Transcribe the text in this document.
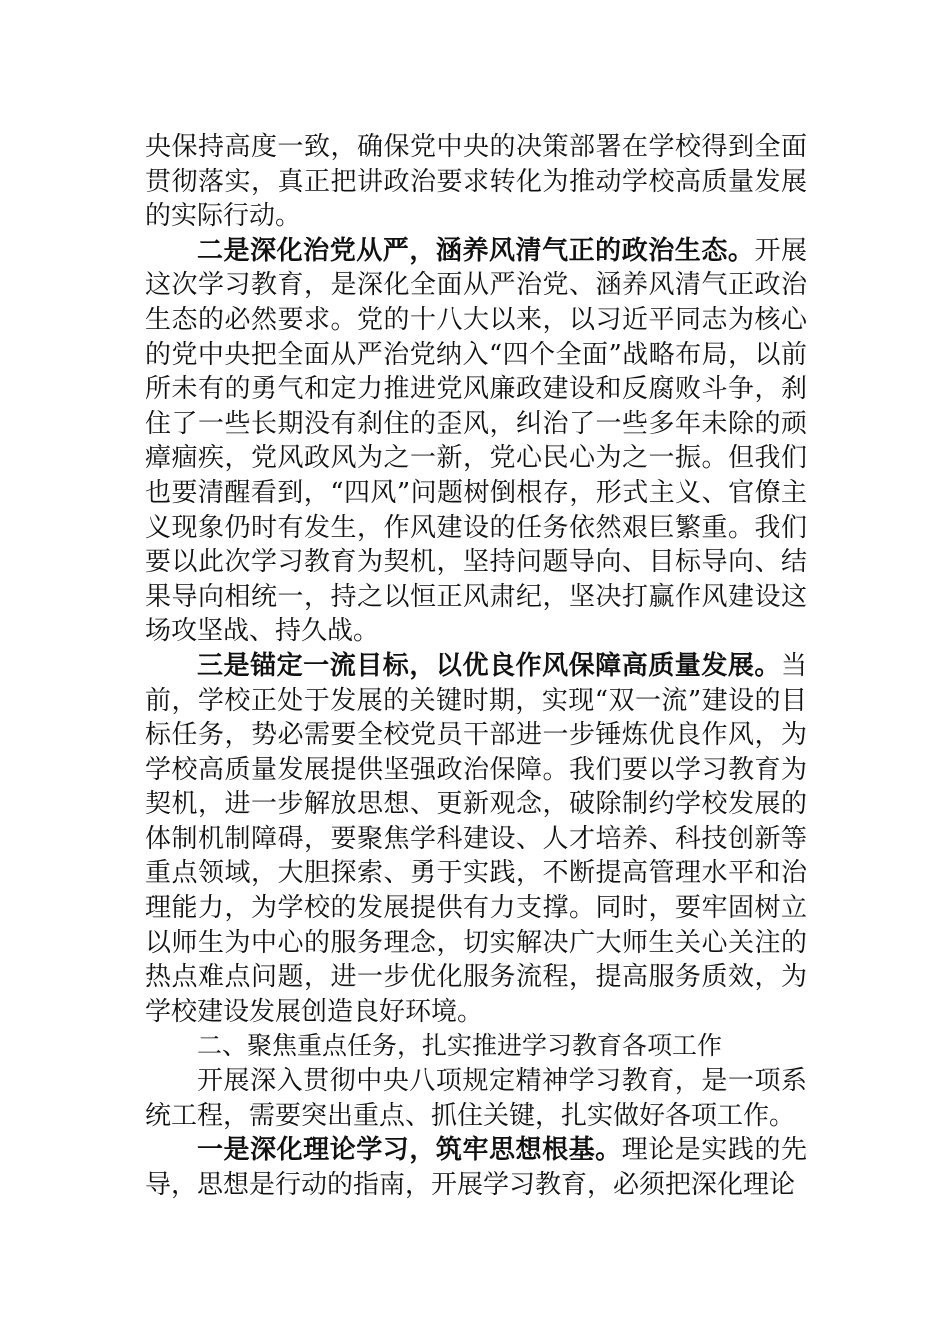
央保持高度一致，确保党中央的决策部署在学校得到全面贯彻落实，真正把讲政治要求转化为推动学校高质量发展的实际行动。

二是深化治党从严，涵养风清气正的政治生态。开展这次学习教育，是深化全面从严治党、涵养风清气正政治生态的必然要求。党的十八大以来，以习近平同志为核心的党中央把全面从严治党纳入“四个全面”战略布局，以前所未有的勇气和定力推进党风廉政建设和反腐败斗争，刹住了一些长期没有刹住的歪风，纠治了一些多年未除的顽瘴痼疾，党风政风为之一新，党心民心为之一振。但我们也要清醒看到，“四风”问题树倒根存，形式主义、官僚主义现象仍时有发生，作风建设的任务依然艰巨繁重。我们要以此次学习教育为契机，坚持问题导向、目标导向、结果导向相统一，持之以恒正风肃纪，坚决打赢作风建设这场攻坚战、持久战。

三是锚定一流目标，以优良作风保障高质量发展。当前，学校正处于发展的关键时期，实现“双一流”建设的目标任务，势必需要全校党员干部进一步锤炼优良作风，为学校高质量发展提供坚强政治保障。我们要以学习教育为契机，进一步解放思想、更新观念，破除制约学校发展的体制机制障碍，要聚焦学科建设、人才培养、科技创新等重点领域，大胆探索、勇于实践，不断提高管理水平和治理能力，为学校的发展提供有力支撑。同时，要牢固树立以师生为中心的服务理念，切实解决广大师生关心关注的热点难点问题，进一步优化服务流程，提高服务质效，为学校建设发展创造良好环境。

二、聚焦重点任务，扎实推进学习教育各项工作

开展深入贯彻中央八项规定精神学习教育，是一项系统工程，需要突出重点、抓住关键，扎实做好各项工作。

一是深化理论学习，筑牢思想根基。理论是实践的先导，思想是行动的指南，开展学习教育，必须把深化理论
